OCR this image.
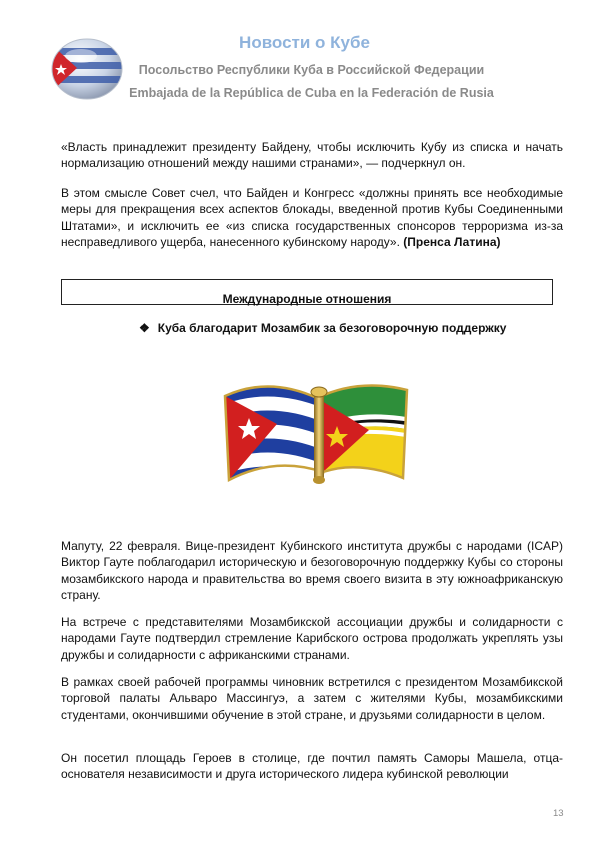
Новости о Кубе
Посольство Республики Куба в Российской Федерации
Embajada de la República de Cuba en la Federación de Rusia

«Власть принадлежит президенту Байдену, чтобы исключить Кубу из списка и начать нормализацию отношений между нашими странами», — подчеркнул он.

В этом смысле Совет счел, что Байден и Конгресс «должны принять все необходимые меры для прекращения всех аспектов блокады, введенной против Кубы Соединенными Штатами», и исключить ее «из списка государственных спонсоров терроризма из-за несправедливого ущерба, нанесенного кубинскому народу». (Пренса Латина)

Международные отношения
❖ Куба благодарит Мозамбик за безоговорочную поддержку

Мапуту, 22 февраля. Вице-президент Кубинского института дружбы с народами (ICAP) Виктор Гауте поблагодарил историческую и безоговорочную поддержку Кубы со стороны мозамбикского народа и правительства во время своего визита в эту южноафриканскую страну.

На встрече с представителями Мозамбикской ассоциации дружбы и солидарности с народами Гауте подтвердил стремление Карибского острова продолжать укреплять узы дружбы и солидарности с африканскими странами.

В рамках своей рабочей программы чиновник встретился с президентом Мозамбикской торговой палаты Альваро Массингуэ, а затем с жителями Кубы, мозамбикскими студентами, окончившими обучение в этой стране, и друзьями солидарности в целом.

Он посетил площадь Героев в столице, где почтил память Саморы Машела, отца-основателя независимости и друга исторического лидера кубинской революции

13
